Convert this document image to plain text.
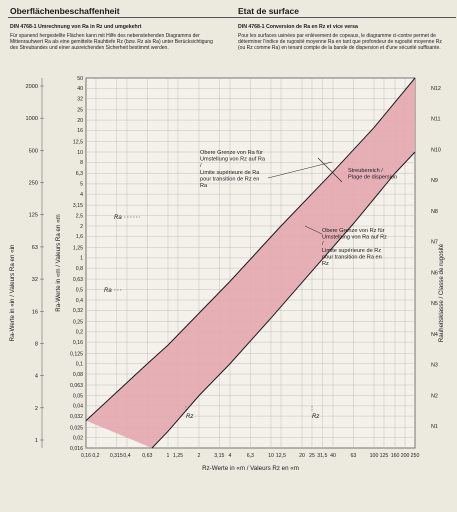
Oberflächenbeschaffenheit	Etat de surface
DIN 4768-1 Umrechnung von Ra in Rz und umgekehrt	DIN 4768-1 Conversion de Ra en Rz et vice versa
Für spanend hergestellte Flächen kann mit Hilfe des nebenstehenden Diagramms der Mittenrauhwert Ra als eine gemittelte Rauhtiefe Rz (bzw. Rz als Ra) unter Berücksichtigung des Streubandes und einer ausreichenden Sicherheit bestimmt werden.
Pour les surfaces usinées par enlèvement de copeaux, le diagramme ci-contre permet de déterminer l'indice de rugosité moyenne Ra en tant que profondeur de rugosité moyenne Rz (ou Rz comme Ra) en tenant compte de la bande de dispersion et d'une sécurité suffisante.
0,16 0,2 0,315 0,4 0,63	1 1,25	2	3,15 4	6,3	10 12,5	20 25 31,5 40	63	100 125 160 200 250
0,016
0,02
0,025
0,032
0,04
0,05
0,063
0,08
0,1
0,125
0,16
0,2
0,25
0,32
0,4
0,5
0,63
0,8
1
1,25
1,6
2
2,5
3,15
4
5
6,3
8
10
12,5
16
20
25
32
40
50
1
2
4
8
16
32
63
125
250
500
1000
2000
N1
N2
N3
N4
N5
N6
N7
N8
N9
N10
N11
N12
Obere Grenze von Ra für Umstellung von Rz auf Ra / Limite supérieure de Ra pour transition de Rz en Ra
Obere Grenze von Rz für Umstellung von Ra auf Rz / Limite supérieure de Rz pour transition de Ra en Rz
Streubereich / Plage de dispersion
Ra
Ra
Rz	Rz
Rz-Werte in «m / Valeurs Rz en «m
Ra-Werte in «m / Valeurs Ra en «m
Ra-Werte in «in / Valeurs Ra en «in	Rauheitsklasse / Classe de rugosité
